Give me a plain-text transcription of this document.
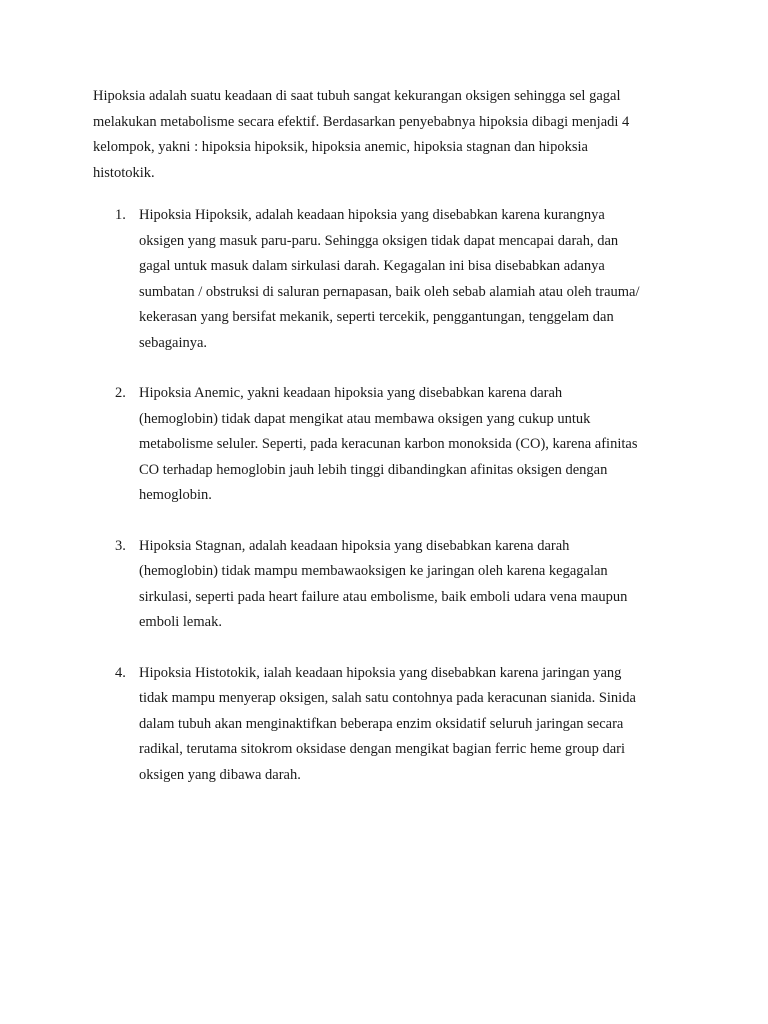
Hipoksia adalah suatu keadaan di saat tubuh sangat kekurangan oksigen sehingga sel gagal
melakukan metabolisme secara efektif. Berdasarkan penyebabnya hipoksia dibagi menjadi 4
kelompok, yakni : hipoksia hipoksik, hipoksia anemic, hipoksia stagnan dan hipoksia
histotokik.

1. Hipoksia Hipoksik, adalah keadaan hipoksia yang disebabkan karena kurangnya
oksigen yang masuk paru-paru. Sehingga oksigen tidak dapat mencapai darah, dan
gagal untuk masuk dalam sirkulasi darah. Kegagalan ini bisa disebabkan adanya
sumbatan / obstruksi di saluran pernapasan, baik oleh sebab alamiah atau oleh trauma/
kekerasan yang bersifat mekanik, seperti tercekik, penggantungan, tenggelam dan
sebagainya.
2. Hipoksia Anemic, yakni keadaan hipoksia yang disebabkan karena darah
(hemoglobin) tidak dapat mengikat atau membawa oksigen yang cukup untuk
metabolisme seluler. Seperti, pada keracunan karbon monoksida (CO), karena afinitas
CO terhadap hemoglobin jauh lebih tinggi dibandingkan afinitas oksigen dengan
hemoglobin.
3. Hipoksia Stagnan, adalah keadaan hipoksia yang disebabkan karena darah
(hemoglobin) tidak mampu membawaoksigen ke jaringan oleh karena kegagalan
sirkulasi, seperti pada heart failure atau embolisme, baik emboli udara vena maupun
emboli lemak.
4. Hipoksia Histotokik, ialah keadaan hipoksia yang disebabkan karena jaringan yang
tidak mampu menyerap oksigen, salah satu contohnya pada keracunan sianida. Sinida
dalam tubuh akan menginaktifkan beberapa enzim oksidatif seluruh jaringan secara
radikal, terutama sitokrom oksidase dengan mengikat bagian ferric heme group dari
oksigen yang dibawa darah.
